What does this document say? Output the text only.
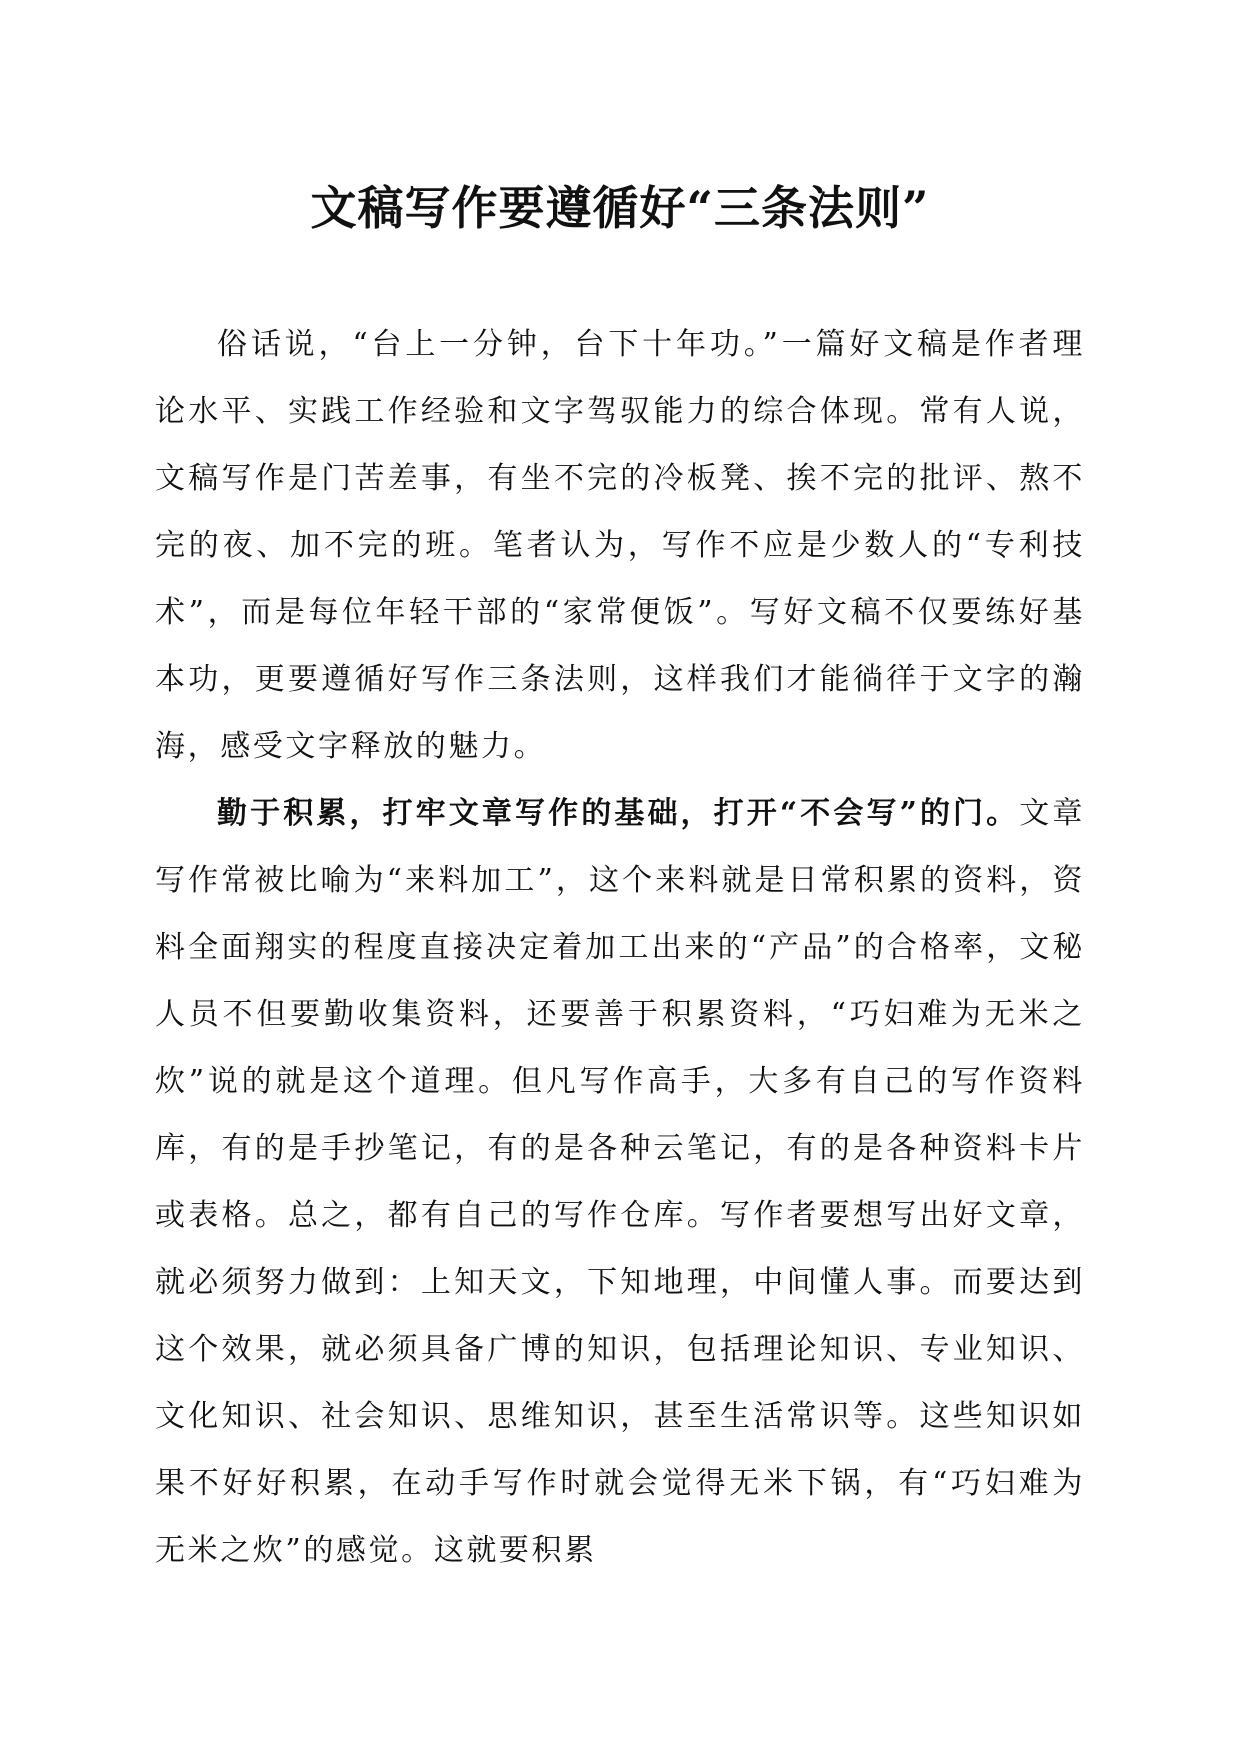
文稿写作要遵循好“三条法则”

俗话说，“台上一分钟，台下十年功。”一篇好文稿是作者理论水平、实践工作经验和文字驾驭能力的综合体现。常有人说，文稿写作是门苦差事，有坐不完的冷板凳、挨不完的批评、熬不完的夜、加不完的班。笔者认为，写作不应是少数人的“专利技术”，而是每位年轻干部的“家常便饭”。写好文稿不仅要练好基本功，更要遵循好写作三条法则，这样我们才能徜徉于文字的瀚海，感受文字释放的魅力。

勤于积累，打牢文章写作的基础，打开“不会写”的门。文章写作常被比喻为“来料加工”，这个来料就是日常积累的资料，资料全面翔实的程度直接决定着加工出来的“产品”的合格率，文秘人员不但要勤收集资料，还要善于积累资料，“巧妇难为无米之炊”说的就是这个道理。但凡写作高手，大多有自己的写作资料库，有的是手抄笔记，有的是各种云笔记，有的是各种资料卡片或表格。总之，都有自己的写作仓库。写作者要想写出好文章，就必须努力做到：上知天文，下知地理，中间懂人事。而要达到这个效果，就必须具备广博的知识，包括理论知识、专业知识、文化知识、社会知识、思维知识，甚至生活常识等。这些知识如果不好好积累，在动手写作时就会觉得无米下锅，有“巧妇难为无米之炊”的感觉。这就要积累
